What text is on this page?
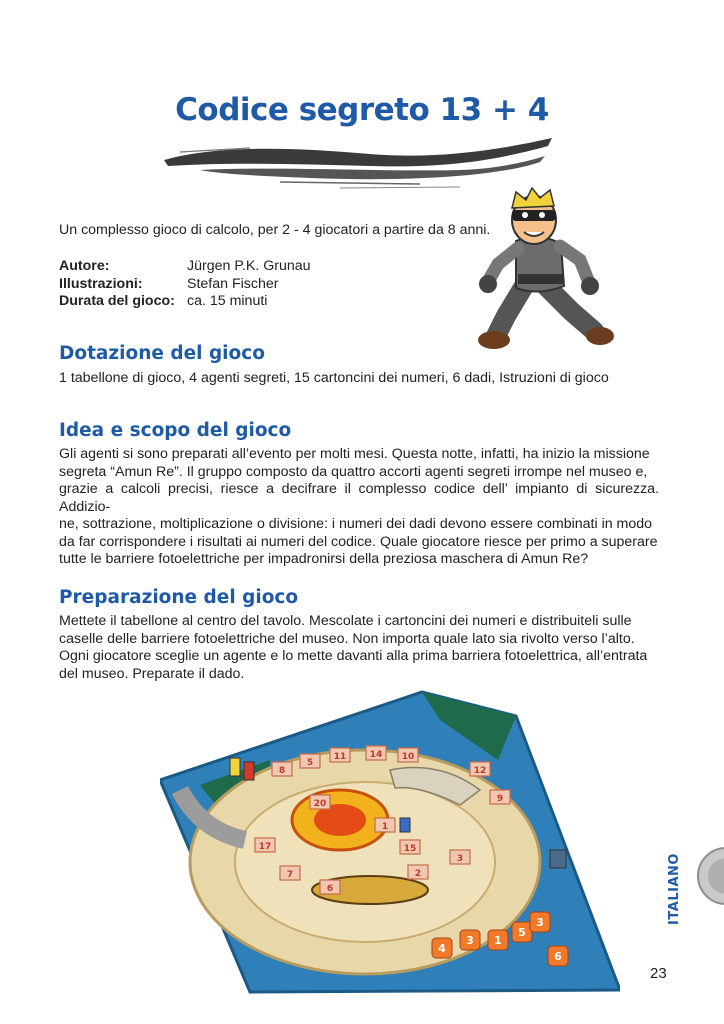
Codice segreto 13 + 4
Un complesso gioco di calcolo, per 2 - 4 giocatori a partire da 8 anni.
Autore:	Jürgen P.K. Grunau
Illustrazioni:	Stefan Fischer
Durata del gioco: ca. 15 minuti
Dotazione del gioco
1 tabellone di gioco, 4 agenti segreti, 15 cartoncini dei numeri, 6 dadi, Istruzioni di gioco
Idea e scopo del gioco
Gli agenti si sono preparati all’evento per molti mesi. Questa notte, infatti, ha inizio la missione
segreta “Amun Re”. Il gruppo composto da quattro accorti agenti segreti irrompe nel museo e,
grazie a calcoli precisi, riesce a decifrare il complesso codice dell’ impianto di sicurezza. Addizio-
ne, sottrazione, moltiplicazione o divisione: i numeri dei dadi devono essere combinati in modo
da far corrispondere i risultati ai numeri del codice. Quale giocatore riesce per primo a superare
tutte le barriere fotoelettriche per impadronirsi della preziosa maschera di Amun Re?
Preparazione del gioco
Mettete il tabellone al centro del tavolo. Mescolate i cartoncini dei numeri e distribuiteli sulle
caselle delle barriere fotoelettriche del museo. Non importa quale lato sia rivolto verso l’alto.
Ogni giocatore sceglie un agente e lo mette davanti alla prima barriera fotoelettrica, all’entrata
del museo. Preparate il dado.
8
5
11	14 10
12
9
20
17
7
6
2
3
15
1
4
3 1
5
3
6
ITALIANO
23
